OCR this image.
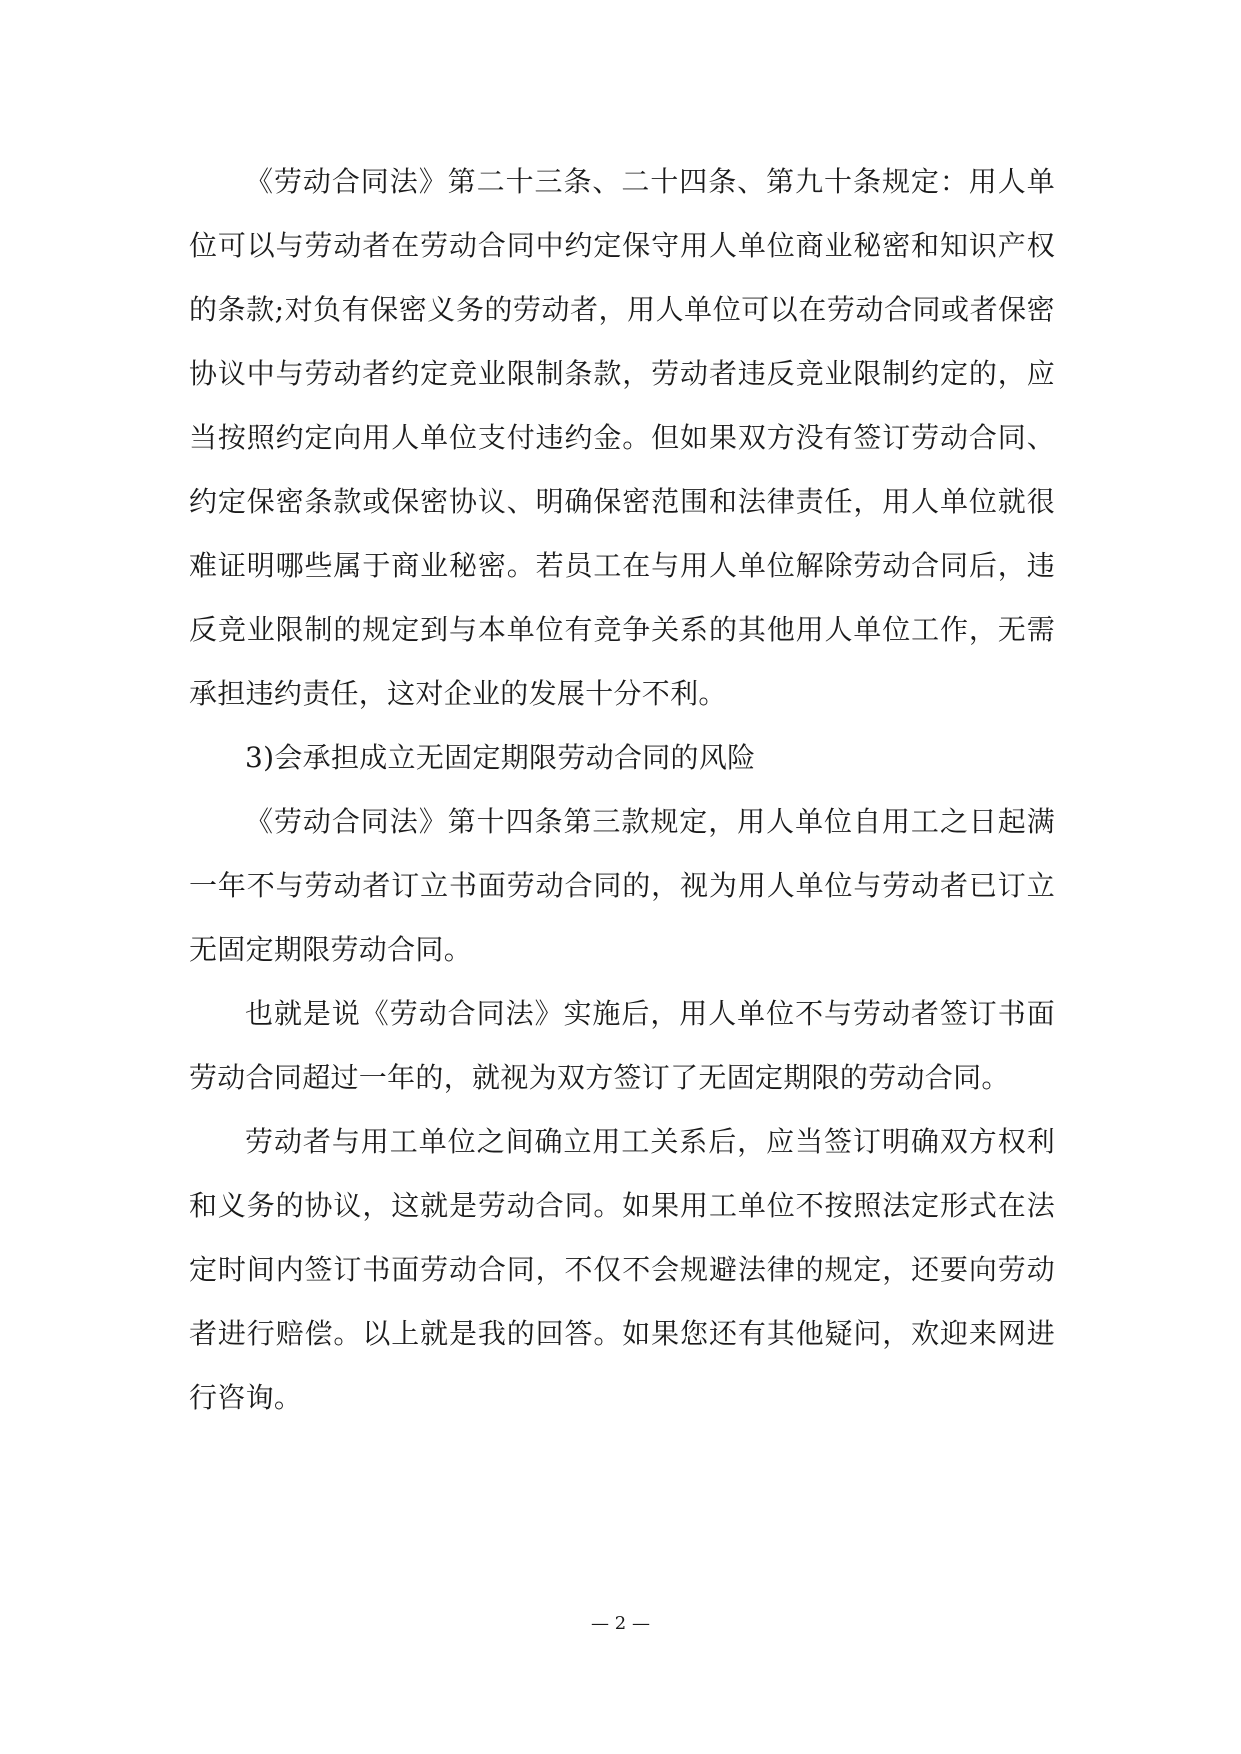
《劳动合同法》第二十三条、二十四条、第九十条规定：用人单位可以与劳动者在劳动合同中约定保守用人单位商业秘密和知识产权的条款;对负有保密义务的劳动者，用人单位可以在劳动合同或者保密协议中与劳动者约定竞业限制条款，劳动者违反竞业限制约定的，应当按照约定向用人单位支付违约金。但如果双方没有签订劳动合同、约定保密条款或保密协议、明确保密范围和法律责任，用人单位就很难证明哪些属于商业秘密。若员工在与用人单位解除劳动合同后，违反竞业限制的规定到与本单位有竞争关系的其他用人单位工作，无需承担违约责任，这对企业的发展十分不利。

3)会承担成立无固定期限劳动合同的风险

《劳动合同法》第十四条第三款规定，用人单位自用工之日起满一年不与劳动者订立书面劳动合同的，视为用人单位与劳动者已订立无固定期限劳动合同。

也就是说《劳动合同法》实施后，用人单位不与劳动者签订书面劳动合同超过一年的，就视为双方签订了无固定期限的劳动合同。

劳动者与用工单位之间确立用工关系后，应当签订明确双方权利和义务的协议，这就是劳动合同。如果用工单位不按照法定形式在法定时间内签订书面劳动合同，不仅不会规避法律的规定，还要向劳动者进行赔偿。以上就是我的回答。如果您还有其他疑问，欢迎来网进行咨询。

— 2 —
